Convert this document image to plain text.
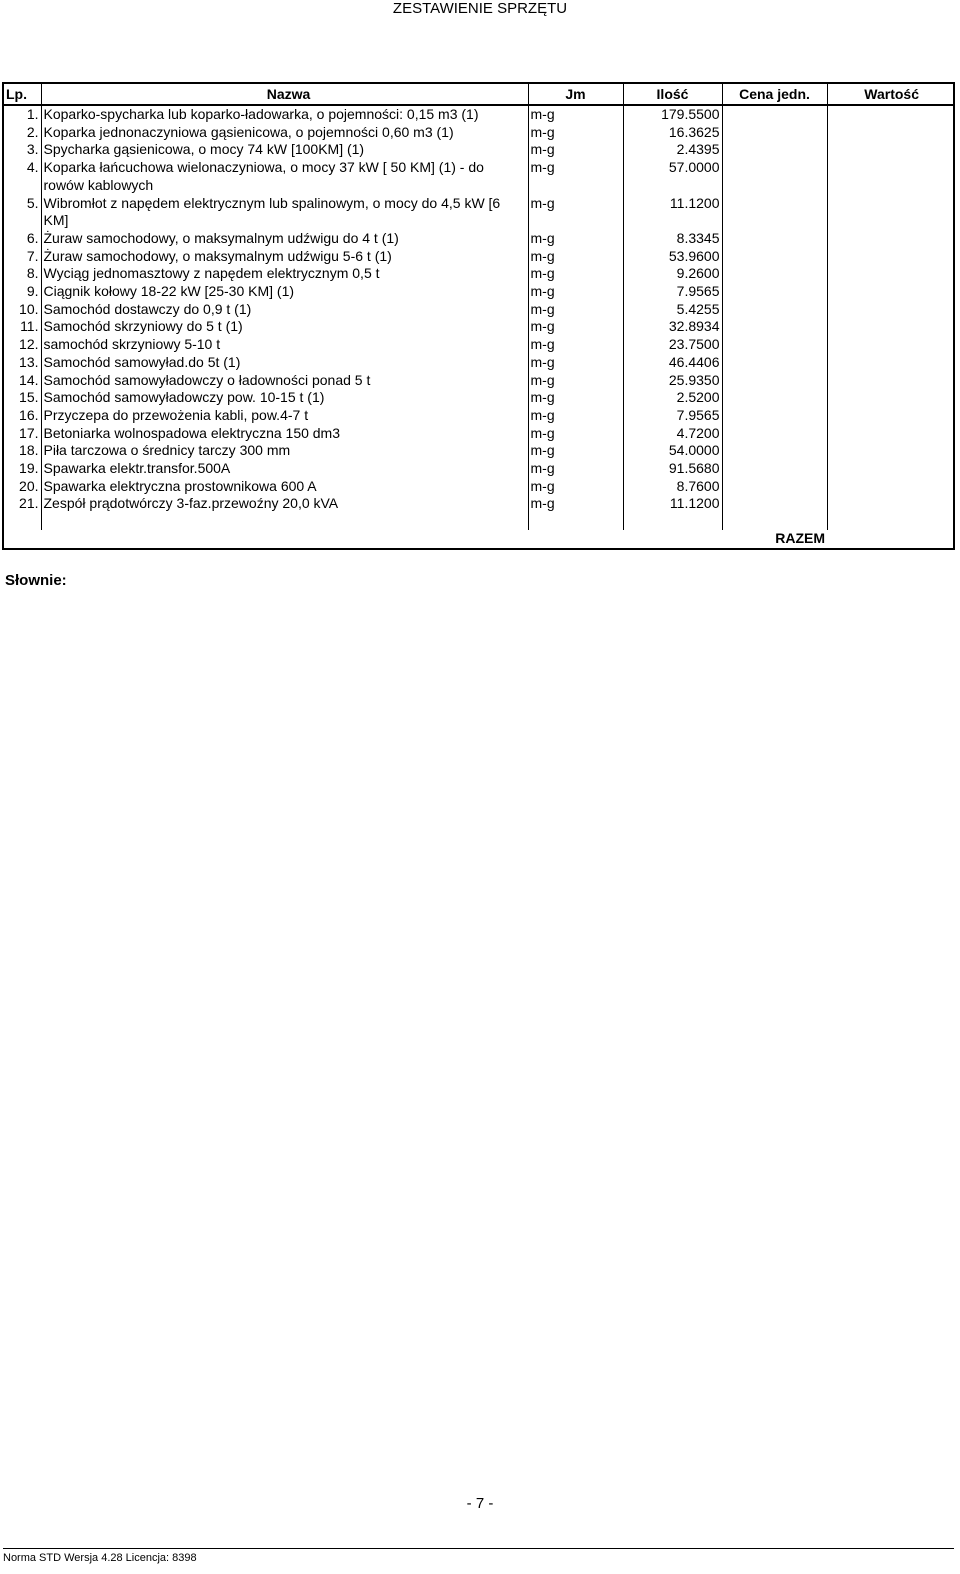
ZESTAWIENIE SPRZĘTU
Lp.	Nazwa	Jm	Ilość	Cena jedn.	Wartość
1.	Koparko-spycharka lub koparko-ładowarka, o pojemności: 0,15 m3 (1)	m-g	179.5500		
2.	Koparka jednonaczyniowa gąsienicowa, o pojemności 0,60 m3 (1)	m-g	16.3625		
3.	Spycharka gąsienicowa, o mocy 74 kW [100KM] (1)	m-g	2.4395		
4.	Koparka łańcuchowa wielonaczyniowa, o mocy 37 kW [ 50 KM] (1) - do rowów kablowych	m-g	57.0000		
5.	Wibromłot z napędem elektrycznym lub spalinowym, o mocy do 4,5 kW [6 KM]	m-g	11.1200		
6.	Żuraw samochodowy, o maksymalnym udźwigu do 4 t (1)	m-g	8.3345		
7.	Żuraw samochodowy, o maksymalnym udźwigu 5-6 t (1)	m-g	53.9600		
8.	Wyciąg jednomasztowy z napędem elektrycznym 0,5 t	m-g	9.2600		
9.	Ciągnik kołowy 18-22 kW [25-30 KM] (1)	m-g	7.9565		
10.	Samochód dostawczy do 0,9 t (1)	m-g	5.4255		
11.	Samochód skrzyniowy do 5 t (1)	m-g	32.8934		
12.	samochód skrzyniowy 5-10 t	m-g	23.7500		
13.	Samochód samowyład.do 5t (1)	m-g	46.4406		
14.	Samochód samowyładowczy o ładowności ponad 5 t	m-g	25.9350		
15.	Samochód samowyładowczy pow. 10-15 t (1)	m-g	2.5200		
16.	Przyczepa do przewożenia kabli, pow.4-7 t	m-g	7.9565		
17.	Betoniarka wolnospadowa elektryczna 150 dm3	m-g	4.7200		
18.	Piła tarczowa o średnicy tarczy 300 mm	m-g	54.0000		
19.	Spawarka elektr.transfor.500A	m-g	91.5680		
20.	Spawarka elektryczna prostownikowa 600 A	m-g	8.7600		
21.	Zespół prądotwórczy 3-faz.przewoźny 20,0 kVA	m-g	11.1200		
				RAZEM	
Słownie:
- 7 -
Norma STD Wersja 4.28 Licencja: 8398
